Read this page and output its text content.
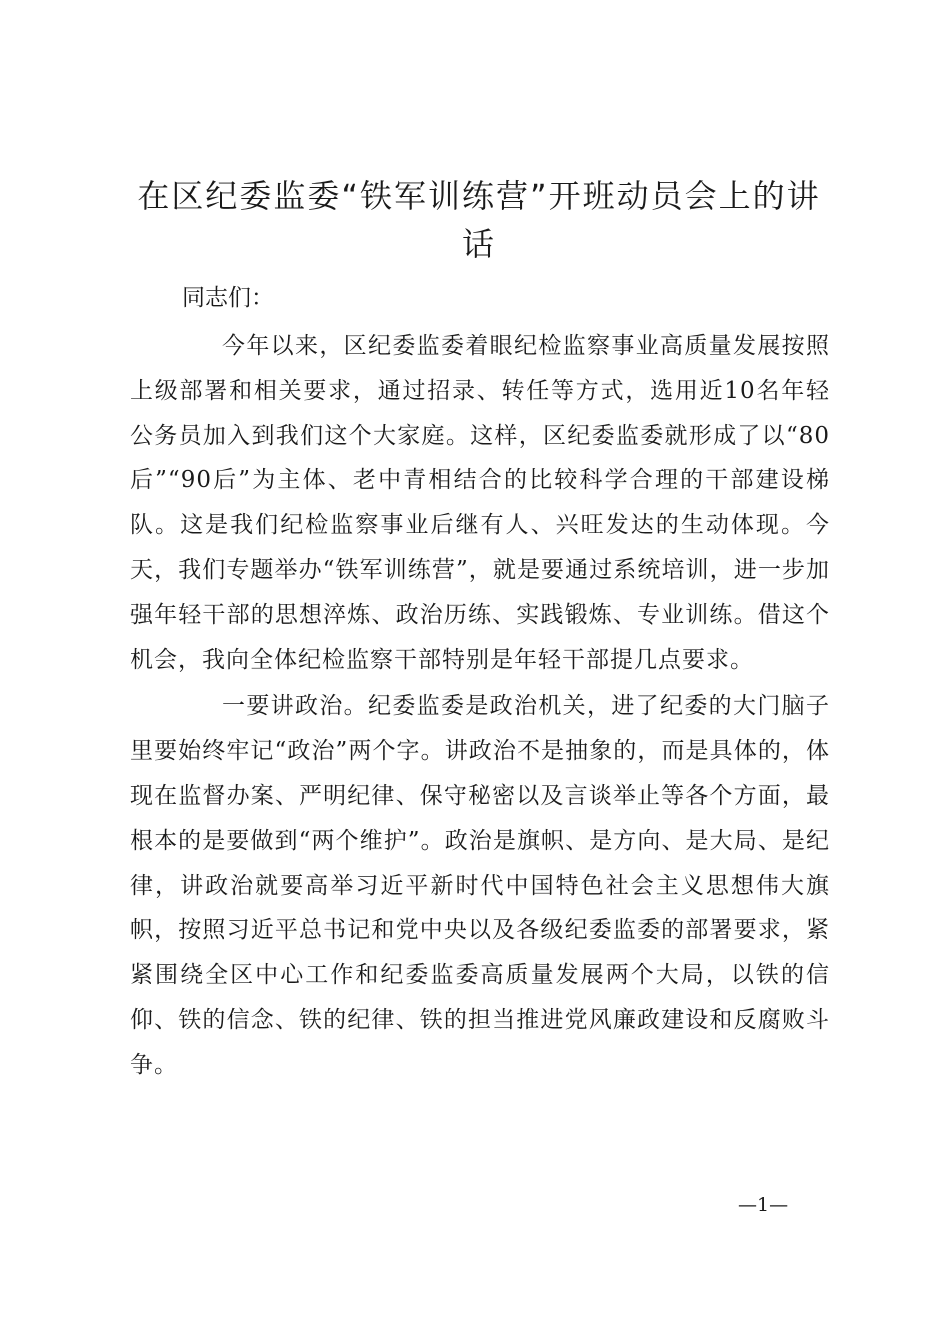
在区纪委监委“铁军训练营”开班动员会上的讲话

同志们：

今年以来，区纪委监委着眼纪检监察事业高质量发展按照上级部署和相关要求，通过招录、转任等方式，选用近10名年轻公务员加入到我们这个大家庭。这样，区纪委监委就形成了以“80后”“90后”为主体、老中青相结合的比较科学合理的干部建设梯队。这是我们纪检监察事业后继有人、兴旺发达的生动体现。今天，我们专题举办“铁军训练营”，就是要通过系统培训，进一步加强年轻干部的思想淬炼、政治历练、实践锻炼、专业训练。借这个机会，我向全体纪检监察干部特别是年轻干部提几点要求。

一要讲政治。纪委监委是政治机关，进了纪委的大门脑子里要始终牢记“政治”两个字。讲政治不是抽象的，而是具体的，体现在监督办案、严明纪律、保守秘密以及言谈举止等各个方面，最根本的是要做到“两个维护”。政治是旗帜、是方向、是大局、是纪律，讲政治就要高举习近平新时代中国特色社会主义思想伟大旗帜，按照习近平总书记和党中央以及各级纪委监委的部署要求，紧紧围绕全区中心工作和纪委监委高质量发展两个大局，以铁的信仰、铁的信念、铁的纪律、铁的担当推进党风廉政建设和反腐败斗争。

—1—
